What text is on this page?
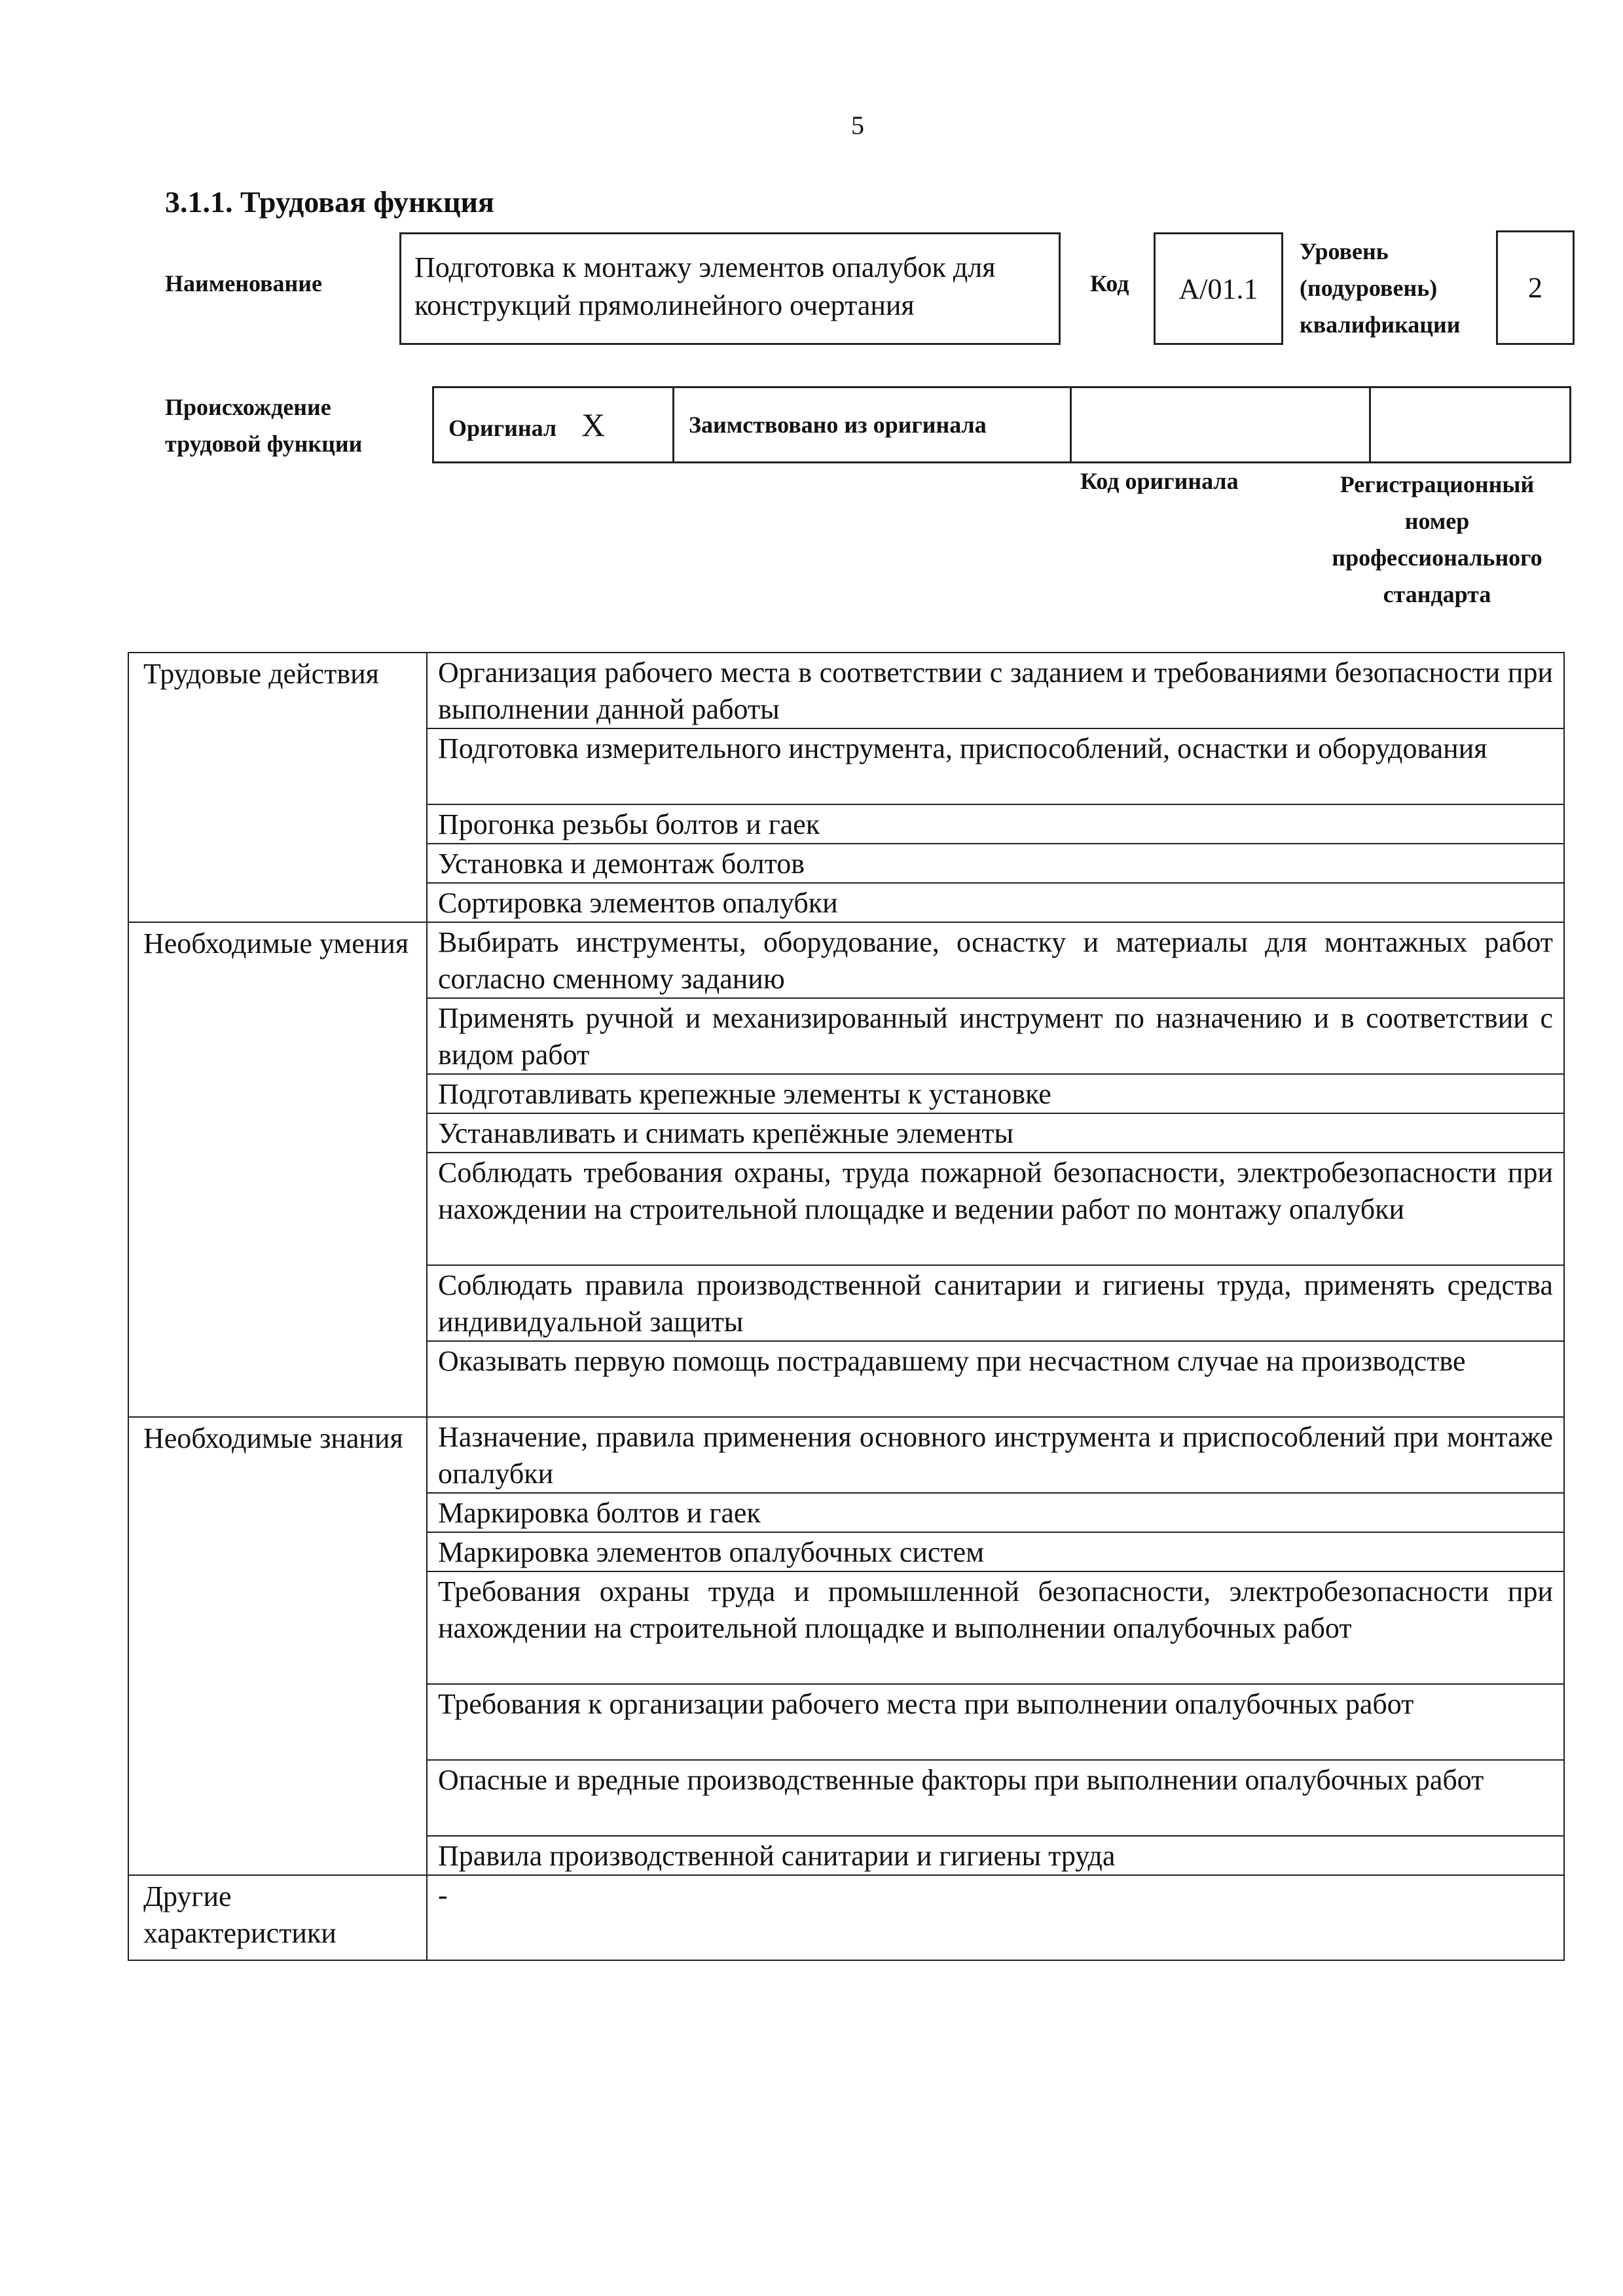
5
3.1.1. Трудовая функция
Наименование	Подготовка к монтажу элементов опалубок для конструкций прямолинейного очертания
Код	А/01.1
Уровень
(подуровень)
квалификации
2
Происхождение
трудовой функции
Оригинал X	Заимствовано из оригинала		
Код оригинала	Регистрационный
номер
профессионального
стандарта
Трудовые действия	Организация рабочего места в соответствии с заданием и требованиями безопасности при выполнении данной работы
	Подготовка измерительного инструмента, приспособлений, оснастки и оборудования
	Прогонка резьбы болтов и гаек
	Установка и демонтаж болтов
	Сортировка элементов опалубки
Необходимые умения	Выбирать инструменты, оборудование, оснастку и материалы для монтажных работ согласно сменному заданию
	Применять ручной и механизированный инструмент по назначению и в соответствии с видом работ
	Подготавливать крепежные элементы к установке
	Устанавливать и снимать крепёжные элементы
	Соблюдать требования охраны, труда пожарной безопасности, электробезопасности при нахождении на строительной площадке и ведении работ по монтажу опалубки
	Соблюдать правила производственной санитарии и гигиены труда, применять средства индивидуальной защиты
	Оказывать первую помощь пострадавшему при несчастном случае на производстве
Необходимые знания	Назначение, правила применения основного инструмента и приспособлений при монтаже опалубки
	Маркировка болтов и гаек
	Маркировка элементов опалубочных систем
	Требования охраны труда и промышленной безопасности, электробезопасности при нахождении на строительной площадке и выполнении опалубочных работ
	Требования к организации рабочего места при выполнении опалубочных работ
	Опасные и вредные производственные факторы при выполнении опалубочных работ
	Правила производственной санитарии и гигиены труда
Другие характеристики	-
